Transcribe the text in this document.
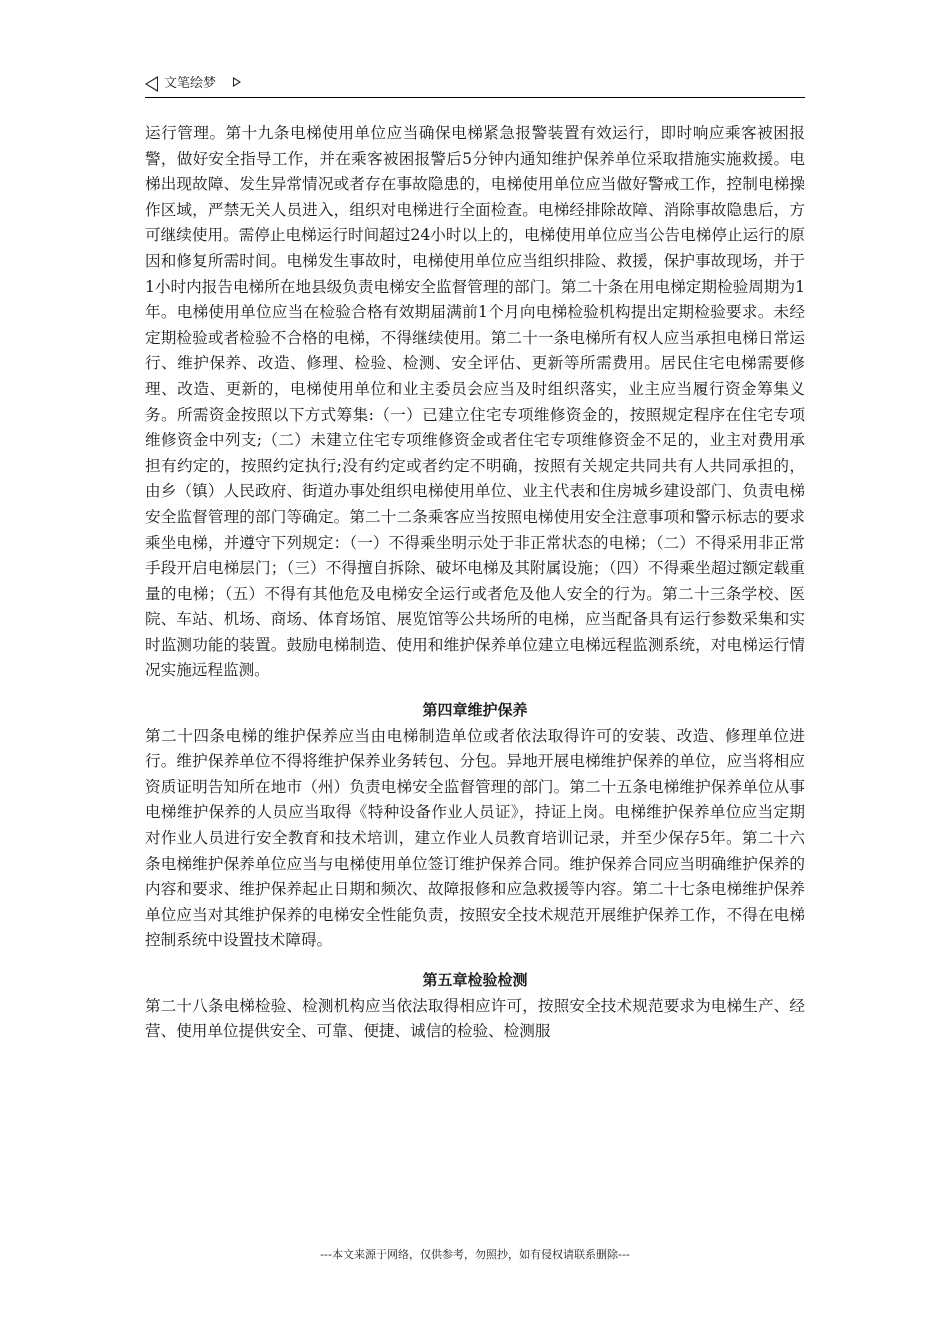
文笔绘梦

运行管理。第十九条电梯使用单位应当确保电梯紧急报警装置有效运行，即时响应乘客被困报警，做好安全指导工作，并在乘客被困报警后5分钟内通知维护保养单位采取措施实施救援。电梯出现故障、发生异常情况或者存在事故隐患的，电梯使用单位应当做好警戒工作，控制电梯操作区域，严禁无关人员进入，组织对电梯进行全面检查。电梯经排除故障、消除事故隐患后，方可继续使用。需停止电梯运行时间超过24小时以上的，电梯使用单位应当公告电梯停止运行的原因和修复所需时间。电梯发生事故时，电梯使用单位应当组织排险、救援，保护事故现场，并于1小时内报告电梯所在地县级负责电梯安全监督管理的部门。第二十条在用电梯定期检验周期为1年。电梯使用单位应当在检验合格有效期届满前1个月向电梯检验机构提出定期检验要求。未经定期检验或者检验不合格的电梯，不得继续使用。第二十一条电梯所有权人应当承担电梯日常运行、维护保养、改造、修理、检验、检测、安全评估、更新等所需费用。居民住宅电梯需要修理、改造、更新的，电梯使用单位和业主委员会应当及时组织落实，业主应当履行资金筹集义务。所需资金按照以下方式筹集:（一）已建立住宅专项维修资金的，按照规定程序在住宅专项维修资金中列支;（二）未建立住宅专项维修资金或者住宅专项维修资金不足的，业主对费用承担有约定的，按照约定执行;没有约定或者约定不明确，按照有关规定共同共有人共同承担的，由乡（镇）人民政府、街道办事处组织电梯使用单位、业主代表和住房城乡建设部门、负责电梯安全监督管理的部门等确定。第二十二条乘客应当按照电梯使用安全注意事项和警示标志的要求乘坐电梯，并遵守下列规定：（一）不得乘坐明示处于非正常状态的电梯；（二）不得采用非正常手段开启电梯层门；（三）不得擅自拆除、破坏电梯及其附属设施；（四）不得乘坐超过额定载重量的电梯；（五）不得有其他危及电梯安全运行或者危及他人安全的行为。第二十三条学校、医院、车站、机场、商场、体育场馆、展览馆等公共场所的电梯，应当配备具有运行参数采集和实时监测功能的装置。鼓励电梯制造、使用和维护保养单位建立电梯远程监测系统，对电梯运行情况实施远程监测。

第四章维护保养

第二十四条电梯的维护保养应当由电梯制造单位或者依法取得许可的安装、改造、修理单位进行。维护保养单位不得将维护保养业务转包、分包。异地开展电梯维护保养的单位，应当将相应资质证明告知所在地市（州）负责电梯安全监督管理的部门。第二十五条电梯维护保养单位从事电梯维护保养的人员应当取得《特种设备作业人员证》，持证上岗。电梯维护保养单位应当定期对作业人员进行安全教育和技术培训，建立作业人员教育培训记录，并至少保存5年。第二十六条电梯维护保养单位应当与电梯使用单位签订维护保养合同。维护保养合同应当明确维护保养的内容和要求、维护保养起止日期和频次、故障报修和应急救援等内容。第二十七条电梯维护保养单位应当对其维护保养的电梯安全性能负责，按照安全技术规范开展维护保养工作，不得在电梯控制系统中设置技术障碍。

第五章检验检测

第二十八条电梯检验、检测机构应当依法取得相应许可，按照安全技术规范要求为电梯生产、经营、使用单位提供安全、可靠、便捷、诚信的检验、检测服

---本文来源于网络，仅供参考，勿照抄，如有侵权请联系删除---
